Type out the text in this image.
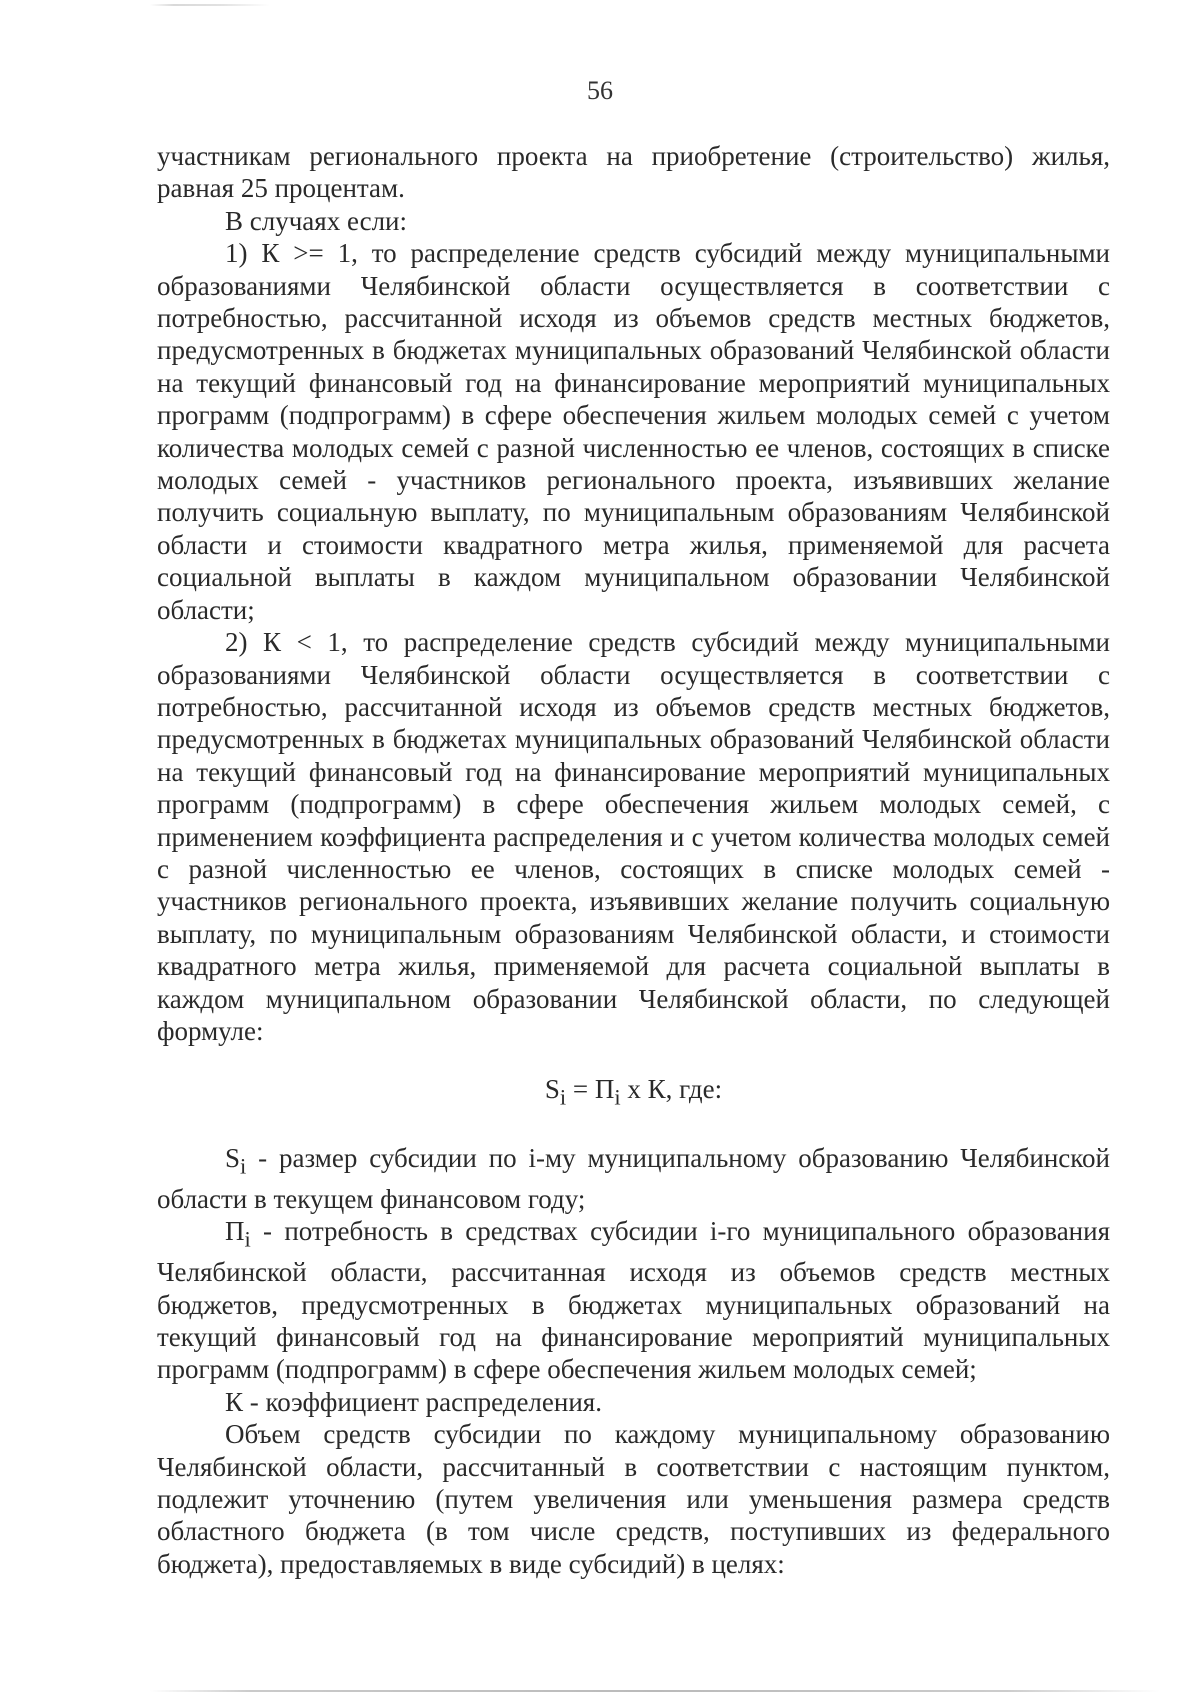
56

участникам регионального проекта на приобретение (строительство) жилья, равная 25 процентам.

В случаях если:

1) К >= 1, то распределение средств субсидий между муниципальными образованиями Челябинской области осуществляется в соответствии с потребностью, рассчитанной исходя из объемов средств местных бюджетов, предусмотренных в бюджетах муниципальных образований Челябинской области на текущий финансовый год на финансирование мероприятий муниципальных программ (подпрограмм) в сфере обеспечения жильем молодых семей с учетом количества молодых семей с разной численностью ее членов, состоящих в списке молодых семей - участников регионального проекта, изъявивших желание получить социальную выплату, по муниципальным образованиям Челябинской области и стоимости квадратного метра жилья, применяемой для расчета социальной выплаты в каждом муниципальном образовании Челябинской области;

2) К < 1, то распределение средств субсидий между муниципальными образованиями Челябинской области осуществляется в соответствии с потребностью, рассчитанной исходя из объемов средств местных бюджетов, предусмотренных в бюджетах муниципальных образований Челябинской области на текущий финансовый год на финансирование мероприятий муниципальных программ (подпрограмм) в сфере обеспечения жильем молодых семей, с применением коэффициента распределения и с учетом количества молодых семей с разной численностью ее членов, состоящих в списке молодых семей - участников регионального проекта, изъявивших желание получить социальную выплату, по муниципальным образованиям Челябинской области, и стоимости квадратного метра жилья, применяемой для расчета социальной выплаты в каждом муниципальном образовании Челябинской области, по следующей формуле:

$S_i = П_i$ x К, где:

$S_i$ - размер субсидии по i-му муниципальному образованию Челябинской области в текущем финансовом году;

$П_i$ - потребность в средствах субсидии i-го муниципального образования Челябинской области, рассчитанная исходя из объемов средств местных бюджетов, предусмотренных в бюджетах муниципальных образований на текущий финансовый год на финансирование мероприятий муниципальных программ (подпрограмм) в сфере обеспечения жильем молодых семей;

К - коэффициент распределения.

Объем средств субсидии по каждому муниципальному образованию Челябинской области, рассчитанный в соответствии с настоящим пунктом, подлежит уточнению (путем увеличения или уменьшения размера средств областного бюджета (в том числе средств, поступивших из федерального бюджета), предоставляемых в виде субсидий) в целях:
